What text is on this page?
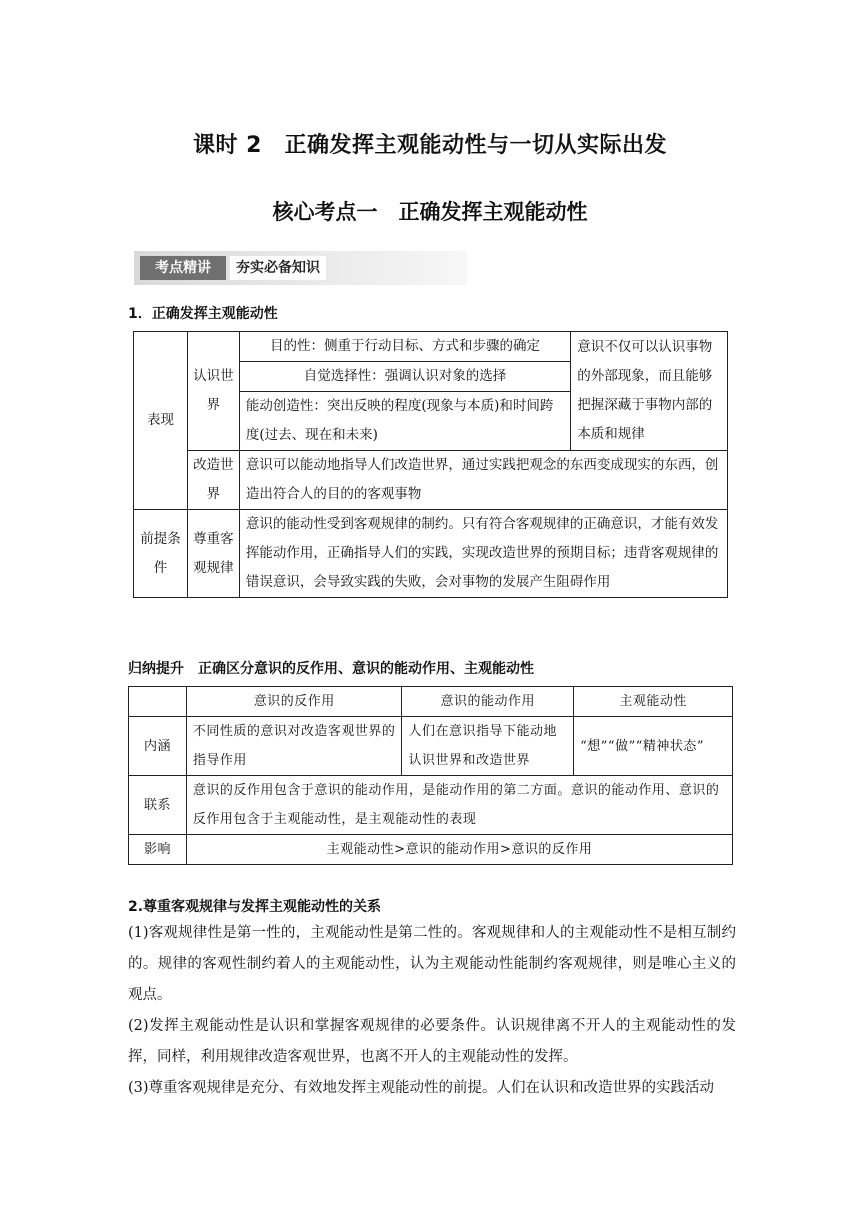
课时 2　正确发挥主观能动性与一切从实际出发
核心考点一　正确发挥主观能动性
考点精讲	夯实必备知识
1．正确发挥主观能动性
表现	认识世界	目的性：侧重于行动目标、方式和步骤的确定	意识不仅可以认识事物的外部现象，而且能够把握深藏于事物内部的本质和规律
		自觉选择性：强调认识对象的选择	
		能动创造性：突出反映的程度(现象与本质)和时间跨度(过去、现在和未来)	
	改造世界	意识可以能动地指导人们改造世界，通过实践把观念的东西变成现实的东西，创造出符合人的目的的客观事物	
前提条件	尊重客观规律	意识的能动性受到客观规律的制约。只有符合客观规律的正确意识，才能有效发挥能动作用，正确指导人们的实践，实现改造世界的预期目标；违背客观规律的错误意识，会导致实践的失败，会对事物的发展产生阻碍作用	
归纳提升　正确区分意识的反作用、意识的能动作用、主观能动性
	意识的反作用	意识的能动作用	主观能动性
内涵	不同性质的意识对改造客观世界的指导作用	人们在意识指导下能动地认识世界和改造世界	“想”“做”“精神状态”
联系	意识的反作用包含于意识的能动作用，是能动作用的第二方面。意识的能动作用、意识的反作用包含于主观能动性，是主观能动性的表现		
影响	主观能动性>意识的能动作用>意识的反作用		
2.尊重客观规律与发挥主观能动性的关系
(1)客观规律性是第一性的，主观能动性是第二性的。客观规律和人的主观能动性不是相互制约的。规律的客观性制约着人的主观能动性，认为主观能动性能制约客观规律，则是唯心主义的观点。
(2)发挥主观能动性是认识和掌握客观规律的必要条件。认识规律离不开人的主观能动性的发挥，同样，利用规律改造客观世界，也离不开人的主观能动性的发挥。
(3)尊重客观规律是充分、有效地发挥主观能动性的前提。人们在认识和改造世界的实践活动
